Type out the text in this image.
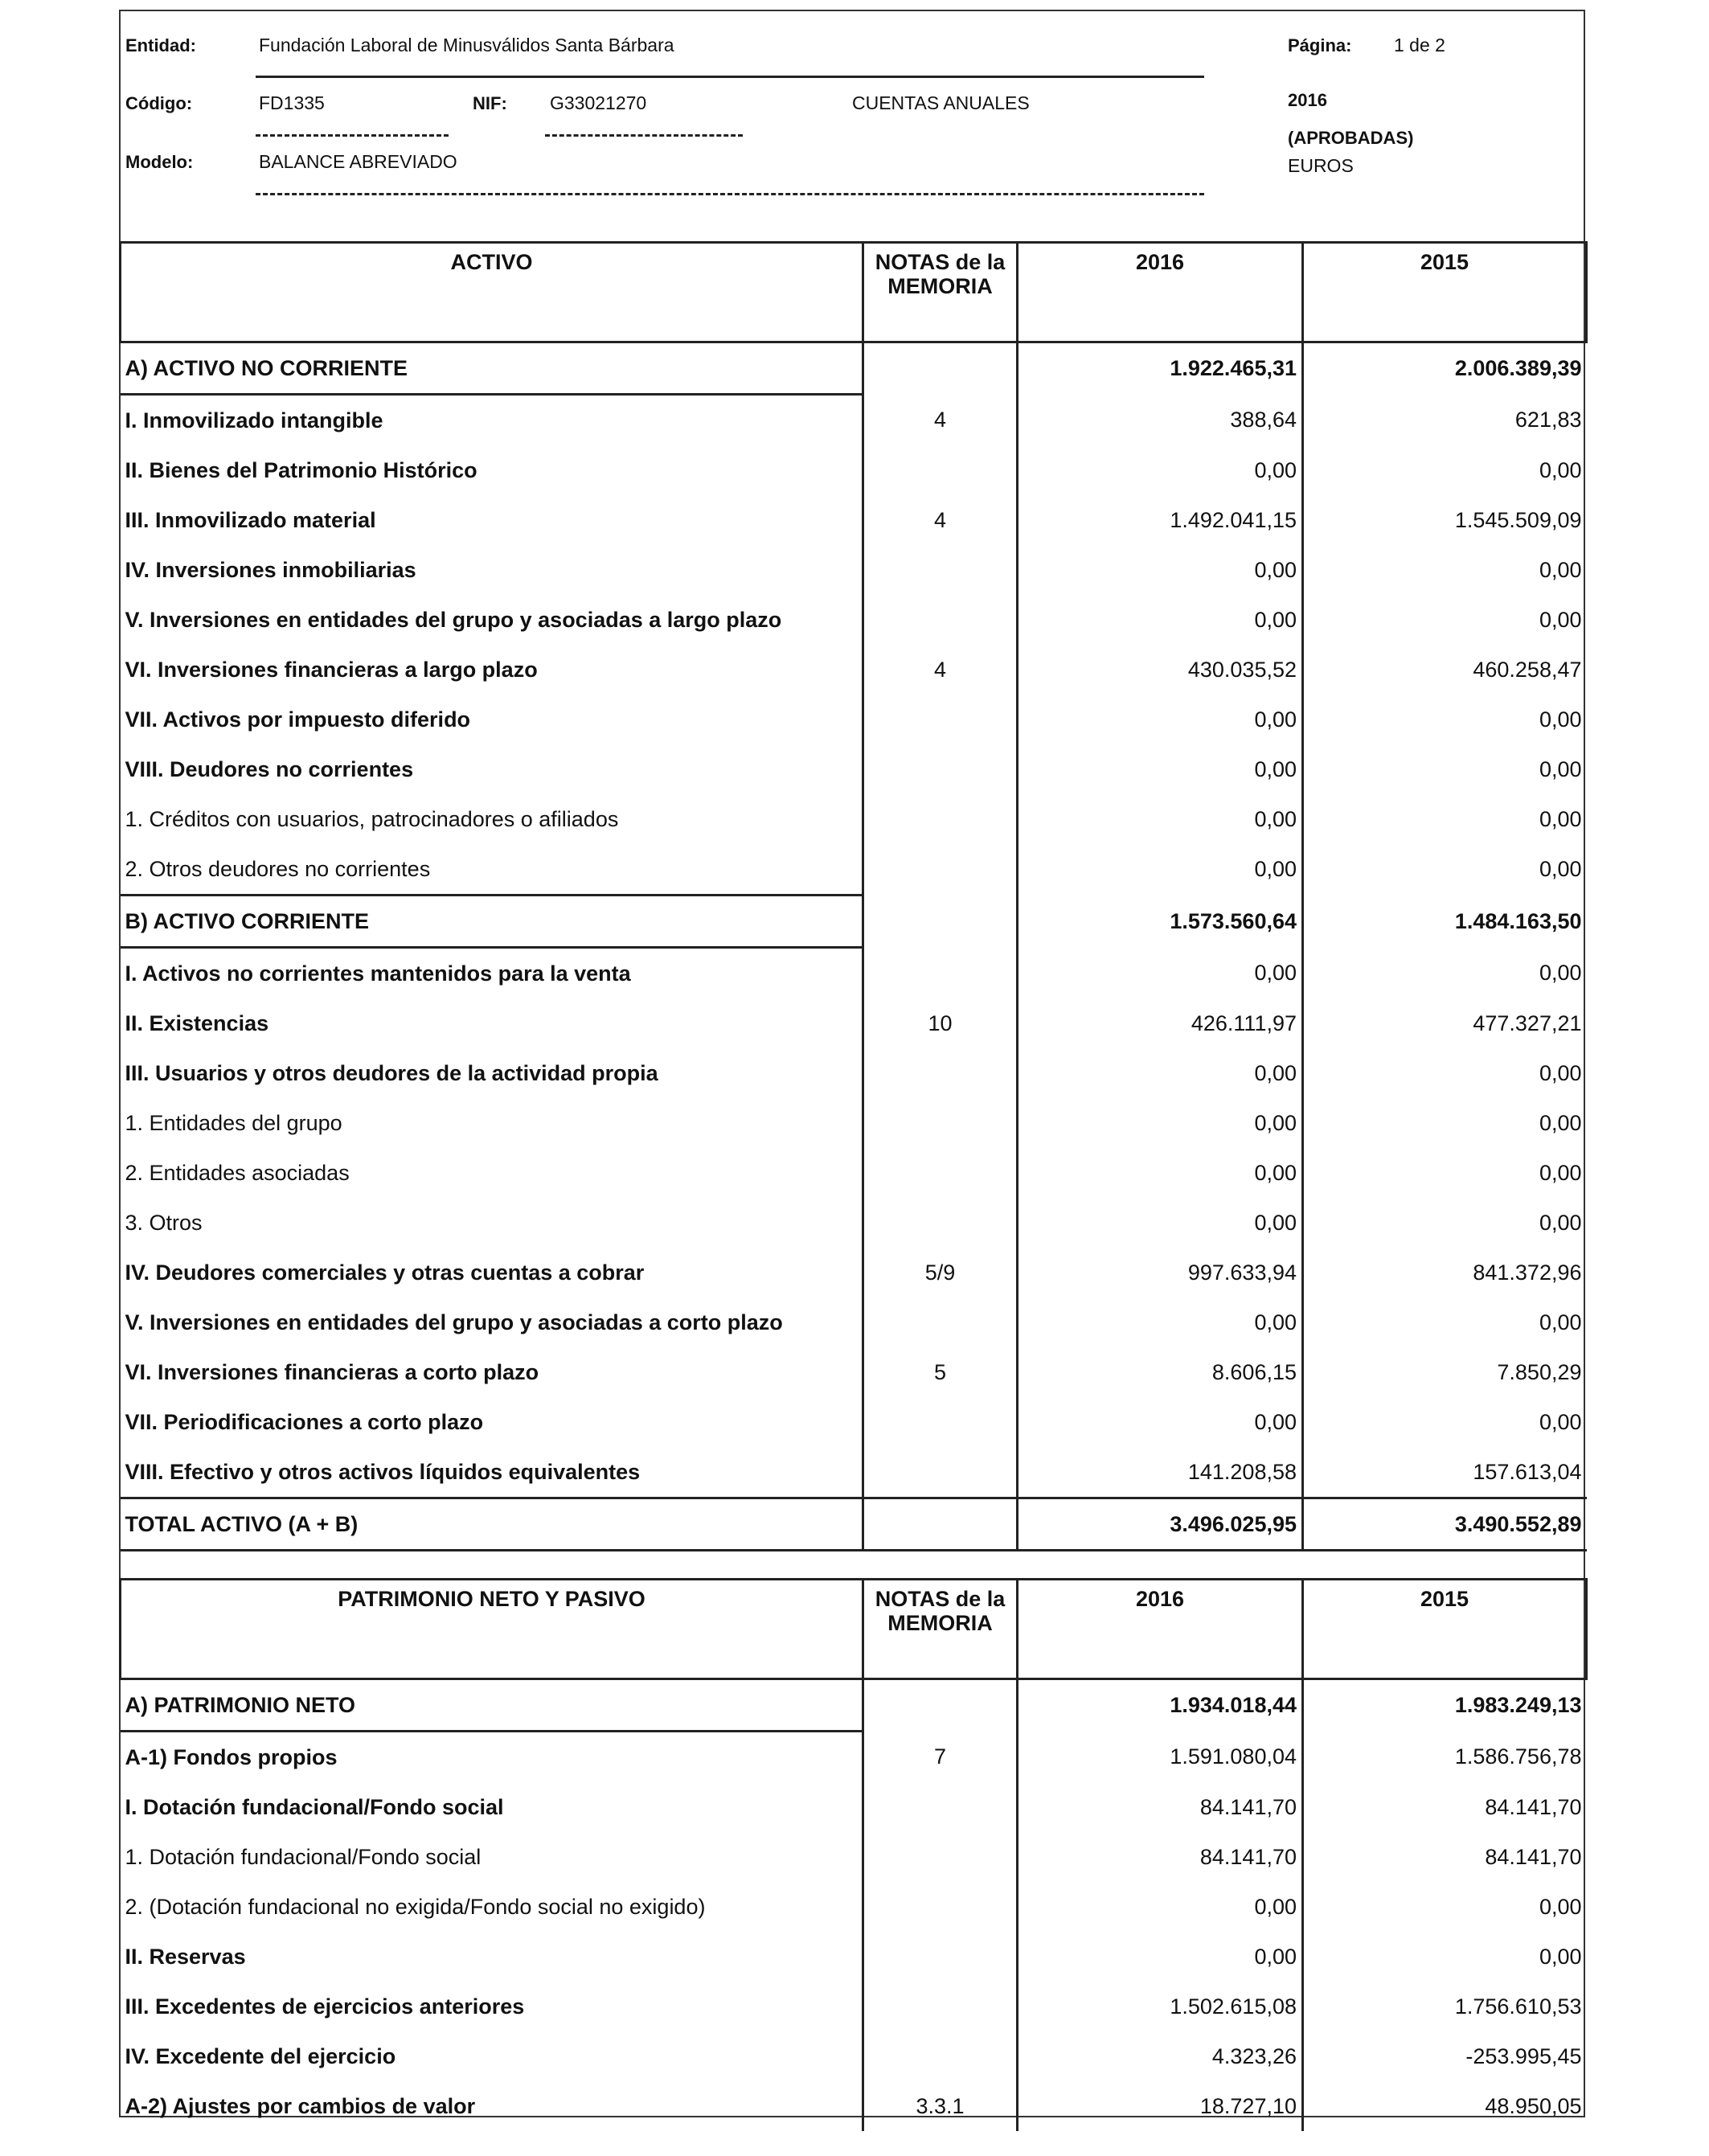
Entidad:	Fundación Laboral de Minusválidos Santa Bárbara	Página: 1 de 2
Código:	FD1335	NIF: G33021270	CUENTAS ANUALES	2016
(APROBADAS)
Modelo:	BALANCE ABREVIADO	EUROS
ACTIVO	NOTAS de la MEMORIA	2016	2015
A) ACTIVO NO CORRIENTE		1.922.465,31	2.006.389,39
I. Inmovilizado intangible	4	388,64	621,83
II. Bienes del Patrimonio Histórico		0,00	0,00
III. Inmovilizado material	4	1.492.041,15	1.545.509,09
IV. Inversiones inmobiliarias		0,00	0,00
V. Inversiones en entidades del grupo y asociadas a largo plazo		0,00	0,00
VI. Inversiones financieras a largo plazo	4	430.035,52	460.258,47
VII. Activos por impuesto diferido		0,00	0,00
VIII. Deudores no corrientes		0,00	0,00
1. Créditos con usuarios, patrocinadores o afiliados		0,00	0,00
2. Otros deudores no corrientes		0,00	0,00
B) ACTIVO CORRIENTE		1.573.560,64	1.484.163,50
I. Activos no corrientes mantenidos para la venta		0,00	0,00
II. Existencias	10	426.111,97	477.327,21
III. Usuarios y otros deudores de la actividad propia		0,00	0,00
1. Entidades del grupo		0,00	0,00
2. Entidades asociadas		0,00	0,00
3. Otros		0,00	0,00
IV. Deudores comerciales y otras cuentas a cobrar	5/9	997.633,94	841.372,96
V. Inversiones en entidades del grupo y asociadas a corto plazo		0,00	0,00
VI. Inversiones financieras a corto plazo	5	8.606,15	7.850,29
VII. Periodificaciones a corto plazo		0,00	0,00
VIII. Efectivo y otros activos líquidos equivalentes		141.208,58	157.613,04
TOTAL ACTIVO (A + B)		3.496.025,95	3.490.552,89
PATRIMONIO NETO Y PASIVO	NOTAS de la MEMORIA	2016	2015
A) PATRIMONIO NETO		1.934.018,44	1.983.249,13
A-1) Fondos propios	7	1.591.080,04	1.586.756,78
I. Dotación fundacional/Fondo social		84.141,70	84.141,70
1. Dotación fundacional/Fondo social		84.141,70	84.141,70
2. (Dotación fundacional no exigida/Fondo social no exigido)		0,00	0,00
II. Reservas		0,00	0,00
III. Excedentes de ejercicios anteriores		1.502.615,08	1.756.610,53
IV. Excedente del ejercicio		4.323,26	-253.995,45
A-2) Ajustes por cambios de valor	3.3.1	18.727,10	48.950,05
